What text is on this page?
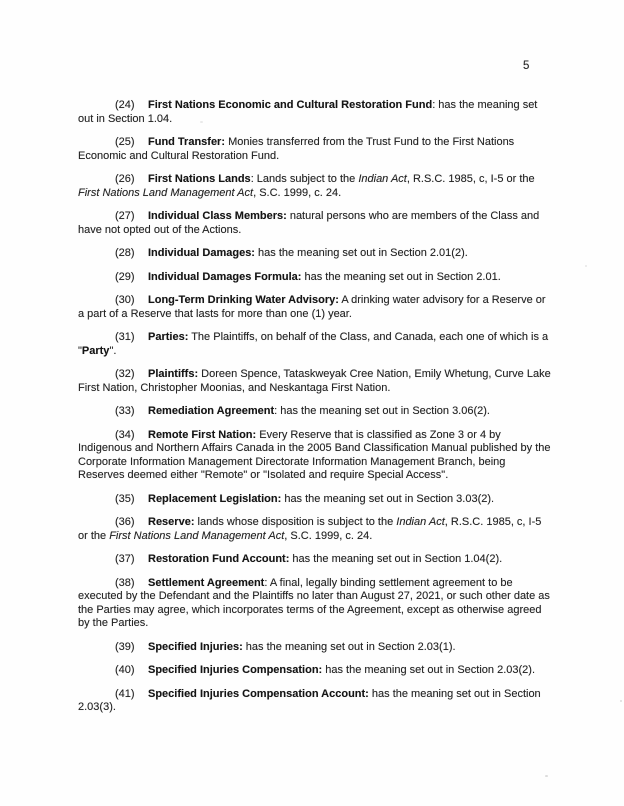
5

(24) First Nations Economic and Cultural Restoration Fund: has the meaning set out in Section 1.04.

(25) Fund Transfer: Monies transferred from the Trust Fund to the First Nations Economic and Cultural Restoration Fund.

(26) First Nations Lands: Lands subject to the Indian Act, R.S.C. 1985, c, I-5 or the First Nations Land Management Act, S.C. 1999, c. 24.

(27) Individual Class Members: natural persons who are members of the Class and have not opted out of the Actions.

(28) Individual Damages: has the meaning set out in Section 2.01(2).

(29) Individual Damages Formula: has the meaning set out in Section 2.01.

(30) Long-Term Drinking Water Advisory: A drinking water advisory for a Reserve or a part of a Reserve that lasts for more than one (1) year.

(31) Parties: The Plaintiffs, on behalf of the Class, and Canada, each one of which is a "Party".

(32) Plaintiffs: Doreen Spence, Tataskweyak Cree Nation, Emily Whetung, Curve Lake First Nation, Christopher Moonias, and Neskantaga First Nation.

(33) Remediation Agreement: has the meaning set out in Section 3.06(2).

(34) Remote First Nation: Every Reserve that is classified as Zone 3 or 4 by Indigenous and Northern Affairs Canada in the 2005 Band Classification Manual published by the Corporate Information Management Directorate Information Management Branch, being Reserves deemed either "Remote" or "Isolated and require Special Access".

(35) Replacement Legislation: has the meaning set out in Section 3.03(2).

(36) Reserve: lands whose disposition is subject to the Indian Act, R.S.C. 1985, c, I-5 or the First Nations Land Management Act, S.C. 1999, c. 24.

(37) Restoration Fund Account: has the meaning set out in Section 1.04(2).

(38) Settlement Agreement: A final, legally binding settlement agreement to be executed by the Defendant and the Plaintiffs no later than August 27, 2021, or such other date as the Parties may agree, which incorporates terms of the Agreement, except as otherwise agreed by the Parties.

(39) Specified Injuries: has the meaning set out in Section 2.03(1).

(40) Specified Injuries Compensation: has the meaning set out in Section 2.03(2).

(41) Specified Injuries Compensation Account: has the meaning set out in Section 2.03(3).
